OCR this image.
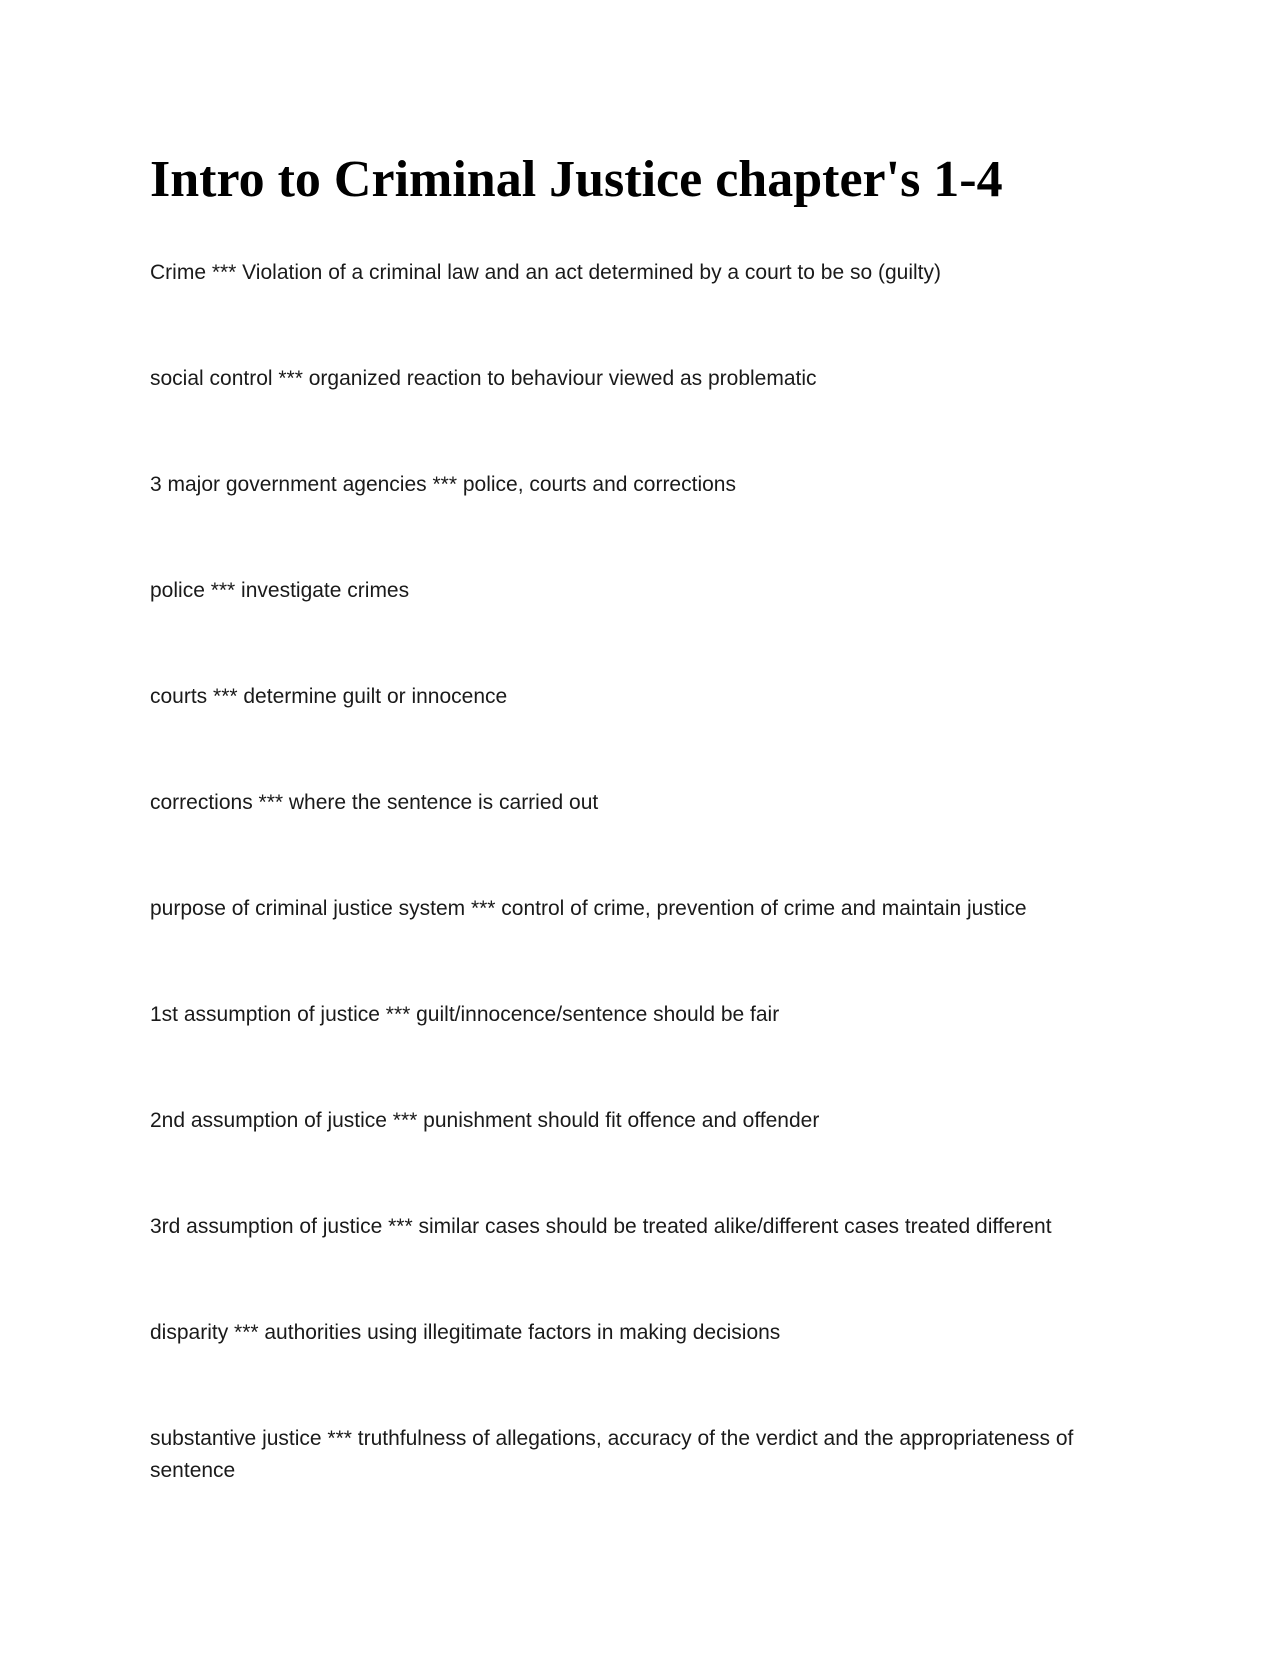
Intro to Criminal Justice chapter's 1-4
Crime *** Violation of a criminal law and an act determined by a court to be so (guilty)
social control *** organized reaction to behaviour viewed as problematic
3 major government agencies *** police, courts and corrections
police *** investigate crimes
courts *** determine guilt or innocence
corrections *** where the sentence is carried out
purpose of criminal justice system *** control of crime, prevention of crime and maintain justice
1st assumption of justice *** guilt/innocence/sentence should be fair
2nd assumption of justice *** punishment should fit offence and offender
3rd assumption of justice *** similar cases should be treated alike/different cases treated different
disparity *** authorities using illegitimate factors in making decisions
substantive justice *** truthfulness of allegations, accuracy of the verdict and the appropriateness of sentence
